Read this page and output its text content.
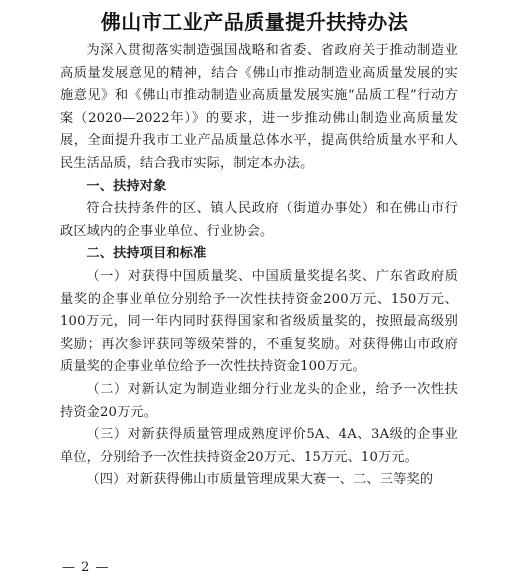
佛山市工业产品质量提升扶持办法

为深入贯彻落实制造强国战略和省委、省政府关于推动制造业高质量发展意见的精神，结合《佛山市推动制造业高质量发展的实施意见》和《佛山市推动制造业高质量发展实施“品质工程”行动方案（2020—2022年）》的要求，进一步推动佛山制造业高质量发展，全面提升我市工业产品质量总体水平，提高供给质量水平和人民生活品质，结合我市实际，制定本办法。

一、扶持对象

符合扶持条件的区、镇人民政府（街道办事处）和在佛山市行政区域内的企事业单位、行业协会。

二、扶持项目和标准

（一）对获得中国质量奖、中国质量奖提名奖、广东省政府质量奖的企事业单位分别给予一次性扶持资金200万元、150万元、100万元，同一年内同时获得国家和省级质量奖的，按照最高级别奖励；再次参评获同等级荣誉的，不重复奖励。对获得佛山市政府质量奖的企事业单位给予一次性扶持资金100万元。

（二）对新认定为制造业细分行业龙头的企业，给予一次性扶持资金20万元。

（三）对新获得质量管理成熟度评价5A、4A、3A级的企事业单位，分别给予一次性扶持资金20万元、15万元、10万元。

（四）对新获得佛山市质量管理成果大赛一、二、三等奖的

— 2 —
